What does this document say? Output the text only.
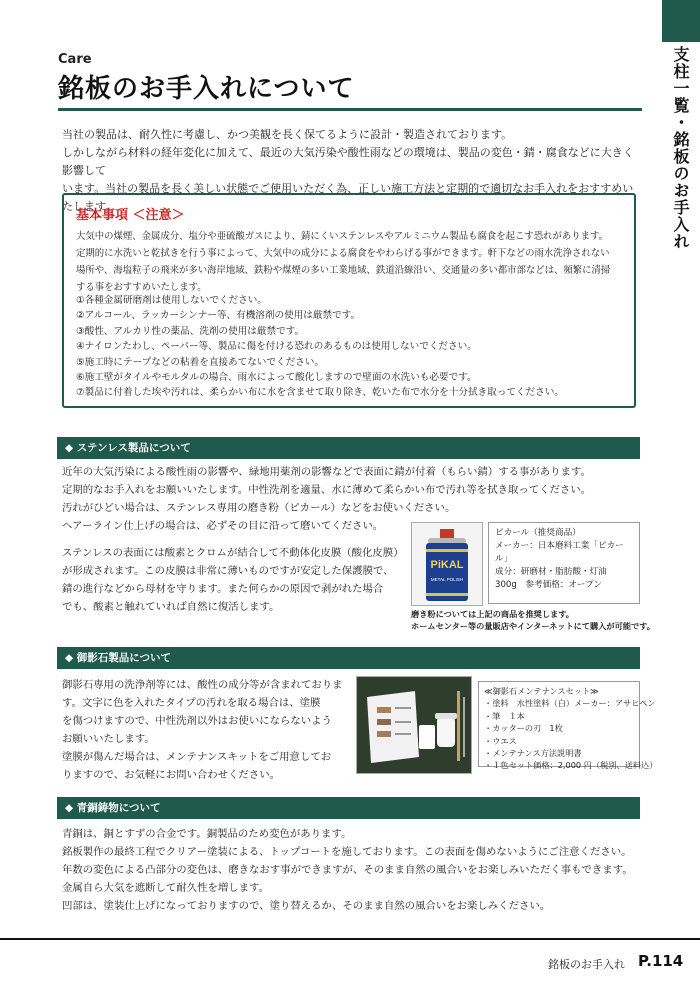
支柱一覧・銘板のお手入れ
Care
銘板のお手入れについて
当社の製品は、耐久性に考慮し、かつ美観を長く保てるように設計・製造されております。
しかしながら材料の経年変化に加えて、最近の大気汚染や酸性雨などの環境は、製品の変色・錆・腐食などに大きく影響して
います。当社の製品を長く美しい状態でご使用いただく為、正しい施工方法と定期的で適切なお手入れをおすすめいたします。
基本事項 ＜注意＞
大気中の煤煙、金属成分、塩分や亜硫酸ガスにより、錆にくいステンレスやアルミニウム製品も腐食を起こす恐れがあります。
定期的に水洗いと乾拭きを行う事によって、大気中の成分による腐食をやわらげる事ができます。軒下などの雨水洗浄されない
場所や、海塩粒子の飛来が多い海岸地域、鉄粉や煤煙の多い工業地域、鉄道沿線沿い、交通量の多い都市部などは、頻繁に清掃
する事をおすすめいたします。
①各種金属研磨剤は使用しないでください。
②アルコール、ラッカーシンナー等、有機溶剤の使用は厳禁です。
③酸性、アルカリ性の薬品、洗剤の使用は厳禁です。
④ナイロンたわし、ペーパー等、製品に傷を付ける恐れのあるものは使用しないでください。
⑤施工時にテープなどの粘着を直接あてないでください。
⑥施工壁がタイルやモルタルの場合、雨水によって酸化しますので壁面の水洗いも必要です。
⑦製品に付着した埃や汚れは、柔らかい布に水を含ませて取り除き、乾いた布で水分を十分拭き取ってください。
◆ ステンレス製品について

近年の大気汚染による酸性雨の影響や、緑地用薬剤の影響などで表面に錆が付着（もらい錆）する事があります。

定期的なお手入れをお願いいたします。中性洗剤を適量、水に薄めて柔らかい布で汚れ等を拭き取ってください。

汚れがひどい場合は、ステンレス専用の磨き粉（ピカール）などをお使いください。

ヘアーライン仕上げの場合は、必ずその目に沿って磨いてください。

ステンレスの表面には酸素とクロムが結合して不動体化皮膜（酸化皮膜）

が形成されます。この皮膜は非常に薄いものですが安定した保護膜で、

錆の進行などから母材を守ります。また何らかの原因で剥がれた場合

でも、酸素と触れていれば自然に復活します。

PiKAL
METAL POLISH
ピカール（推奨商品）
メーカー：日本磨料工業「ピカール」
成分：研磨材・脂肪酸・灯油
300g　参考価格：オープン
磨き粉については上記の商品を推奨します。
ホームセンター等の量販店やインターネットにて購入が可能です。
◆ 御影石製品について

御影石専用の洗浄剤等には、酸性の成分等が含まれておりま

す。文字に色を入れたタイプの汚れを取る場合は、塗膜

を傷つけますので、中性洗剤以外はお使いにならないよう

お願いいたします。

塗膜が傷んだ場合は、メンテナンスキットをご用意してお

りますので、お気軽にお問い合わせください。

≪御影石メンテナンスセット≫
・塗料　水性塗料（白）メーカー：アサヒペン
・筆　１本
・カッターの刃　1枚
・ウエス
・メンテナンス方法説明書
・１色セット価格：2,000 円（税別、送料込）
◆ 青銅鋳物について

青銅は、銅とすずの合金です。銅製品のため変色があります。

銘板製作の最終工程でクリアー塗装による、トップコートを施しております。この表面を傷めないようにご注意ください。

年数の変色による凸部分の変色は、磨きなおす事ができますが、そのまま自然の風合いをお楽しみいただく事もできます。

金属自ら大気を遮断して耐久性を増します。

凹部は、塗装仕上げになっておりますので、塗り替えるか、そのまま自然の風合いをお楽しみください。

銘板のお手入れ P.114
